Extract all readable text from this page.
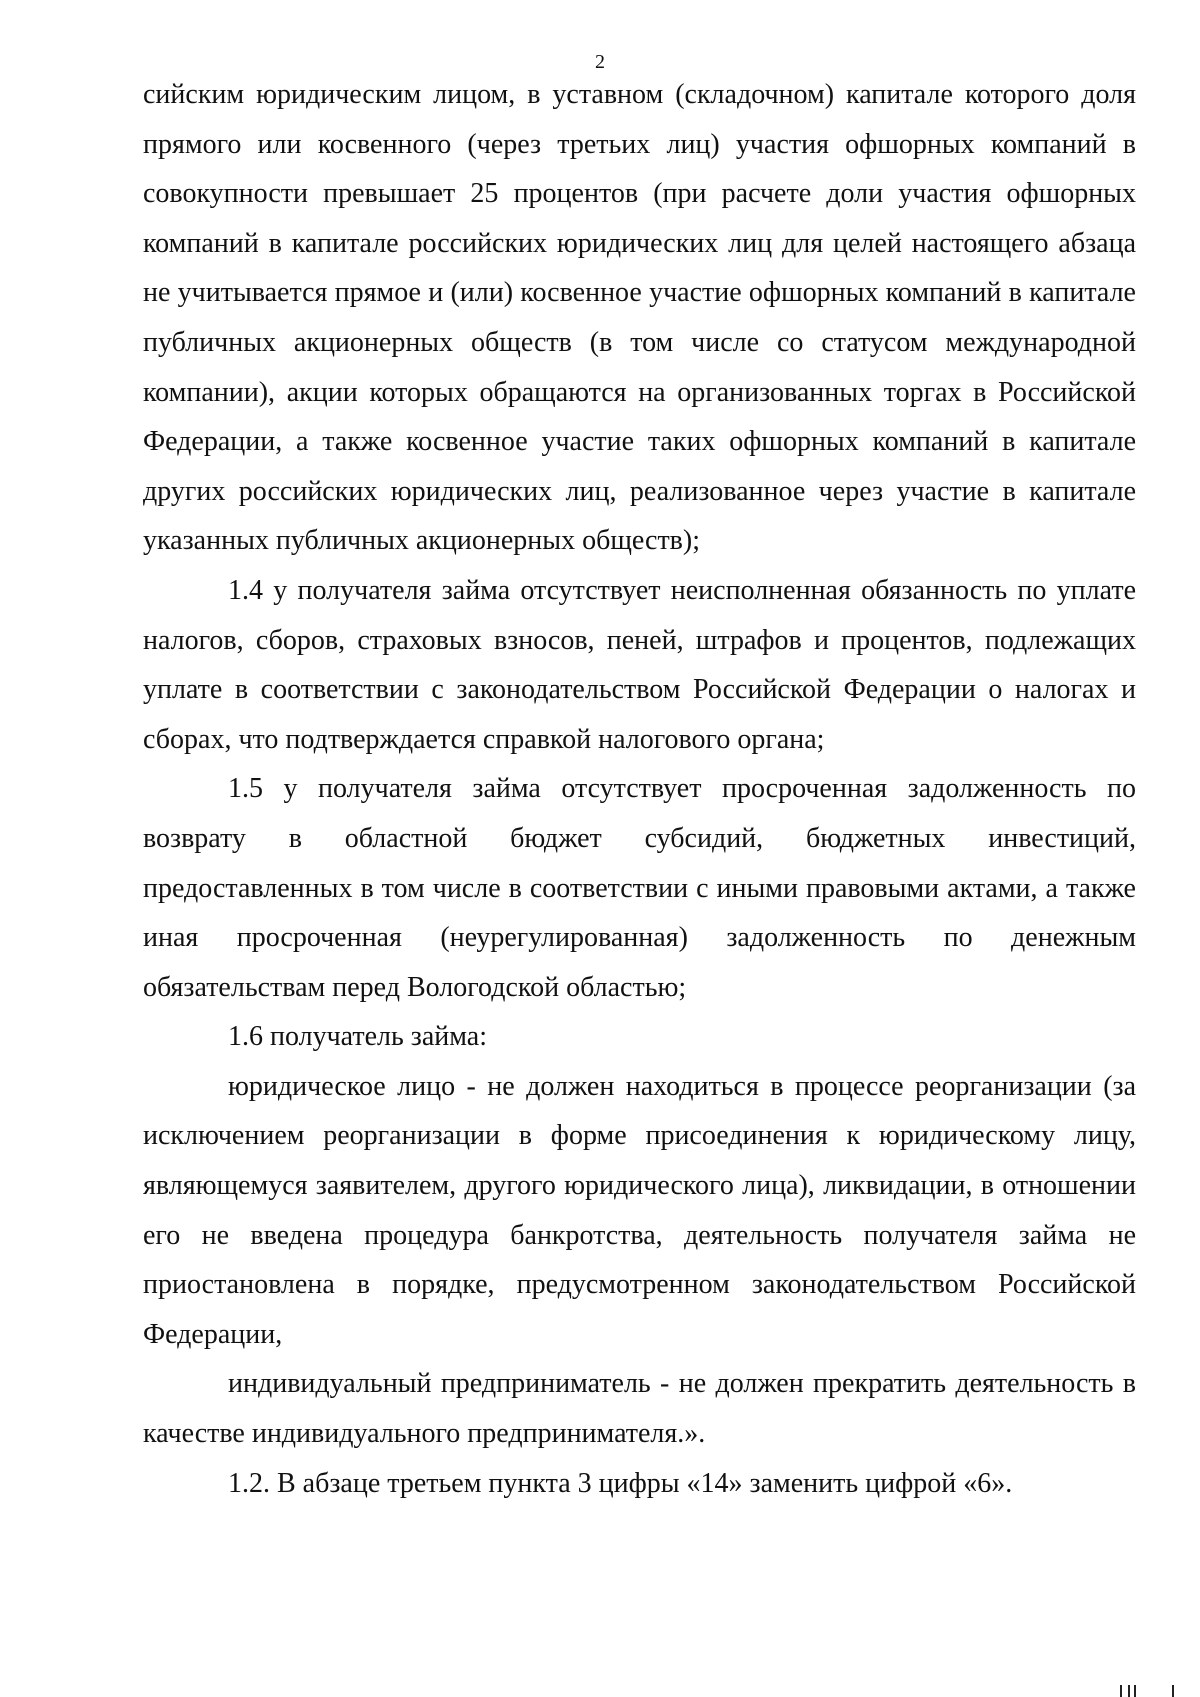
2

сийским юридическим лицом, в уставном (складочном) капитале которого доля прямого или косвенного (через третьих лиц) участия офшорных компаний в совокупности превышает 25 процентов (при расчете доли участия офшорных компаний в капитале российских юридических лиц для целей настоящего абзаца не учитывается прямое и (или) косвенное участие офшорных компаний в капитале публичных акционерных обществ (в том числе со статусом международной компании), акции которых обращаются на организованных торгах в Российской Федерации, а также косвенное участие таких офшорных компаний в капитале других российских юридических лиц, реализованное через участие в капитале указанных публичных акционерных обществ);

1.4 у получателя займа отсутствует неисполненная обязанность по уплате налогов, сборов, страховых взносов, пеней, штрафов и процентов, подлежащих уплате в соответствии с законодательством Российской Федерации о налогах и сборах, что подтверждается справкой налогового органа;

1.5 у получателя займа отсутствует просроченная задолженность по возврату в областной бюджет субсидий, бюджетных инвестиций, предоставленных в том числе в соответствии с иными правовыми актами, а также иная просроченная (неурегулированная) задолженность по денежным обязательствам перед Вологодской областью;

1.6 получатель займа:

юридическое лицо - не должен находиться в процессе реорганизации (за исключением реорганизации в форме присоединения к юридическому лицу, являющемуся заявителем, другого юридического лица), ликвидации, в отношении его не введена процедура банкротства, деятельность получателя займа не приостановлена в порядке, предусмотренном законодательством Российской Федерации,

индивидуальный предприниматель - не должен прекратить деятельность в качестве индивидуального предпринимателя.».

1.2. В абзаце третьем пункта 3 цифры «14» заменить цифрой «6».
